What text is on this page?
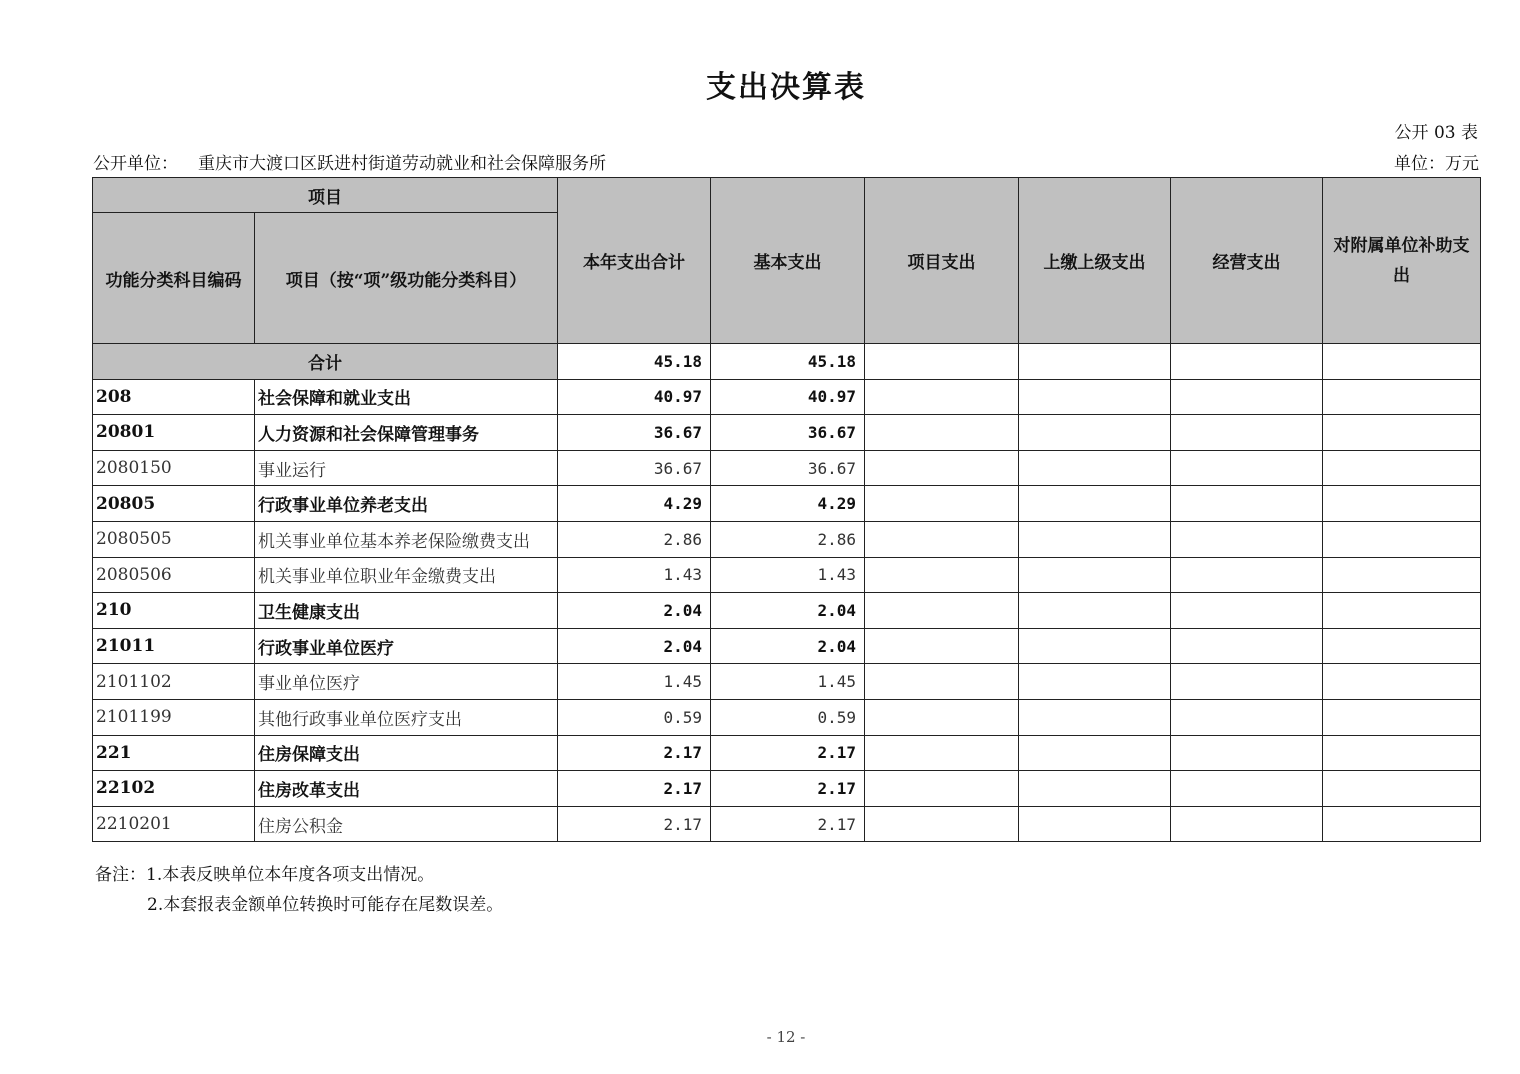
支出决算表
公开 03 表
公开单位： 重庆市大渡口区跃进村街道劳动就业和社会保障服务所	单位：万元
项目		本年支出合计	基本支出	项目支出	上缴上级支出	经营支出	对附属单位补助支出
功能分类科目编码	项目（按“项”级功能分类科目）						
合计		45.18	45.18				
208	社会保障和就业支出	40.97	40.97				
20801	人力资源和社会保障管理事务	36.67	36.67				
2080150	事业运行	36.67	36.67				
20805	行政事业单位养老支出	4.29	4.29				
2080505	机关事业单位基本养老保险缴费支出	2.86	2.86				
2080506	机关事业单位职业年金缴费支出	1.43	1.43				
210	卫生健康支出	2.04	2.04				
21011	行政事业单位医疗	2.04	2.04				
2101102	事业单位医疗	1.45	1.45				
2101199	其他行政事业单位医疗支出	0.59	0.59				
221	住房保障支出	2.17	2.17				
22102	住房改革支出	2.17	2.17				
2210201	住房公积金	2.17	2.17				
备注：1.本表反映单位本年度各项支出情况。
2.本套报表金额单位转换时可能存在尾数误差。
- 12 -
